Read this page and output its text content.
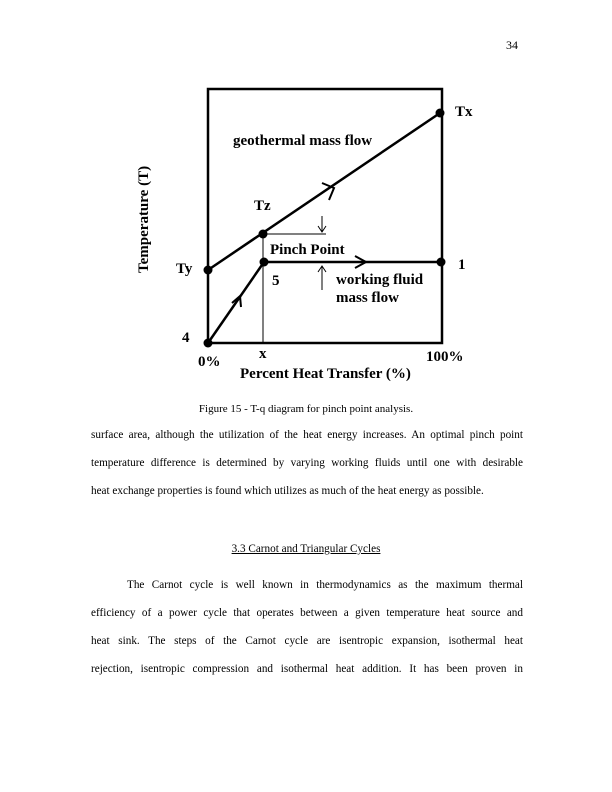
34
Tx
Ty
Tz
1
4
5
geothermal mass flow
Pinch Point
working fluid
mass flow
0%	x	100%
Percent Heat Transfer (%)
Temperature (T)
Figure 15 - T-q diagram for pinch point analysis.
surface area, although the utilization of the heat energy increases. An optimal pinch point
temperature difference is determined by varying working fluids until one with desirable
heat exchange properties is found which utilizes as much of the heat energy as possible.
3.3 Carnot and Triangular Cycles
The Carnot cycle is well known in thermodynamics as the maximum thermal
efficiency of a power cycle that operates between a given temperature heat source and
heat sink. The steps of the Carnot cycle are isentropic expansion, isothermal heat
rejection, isentropic compression and isothermal heat addition. It has been proven in
